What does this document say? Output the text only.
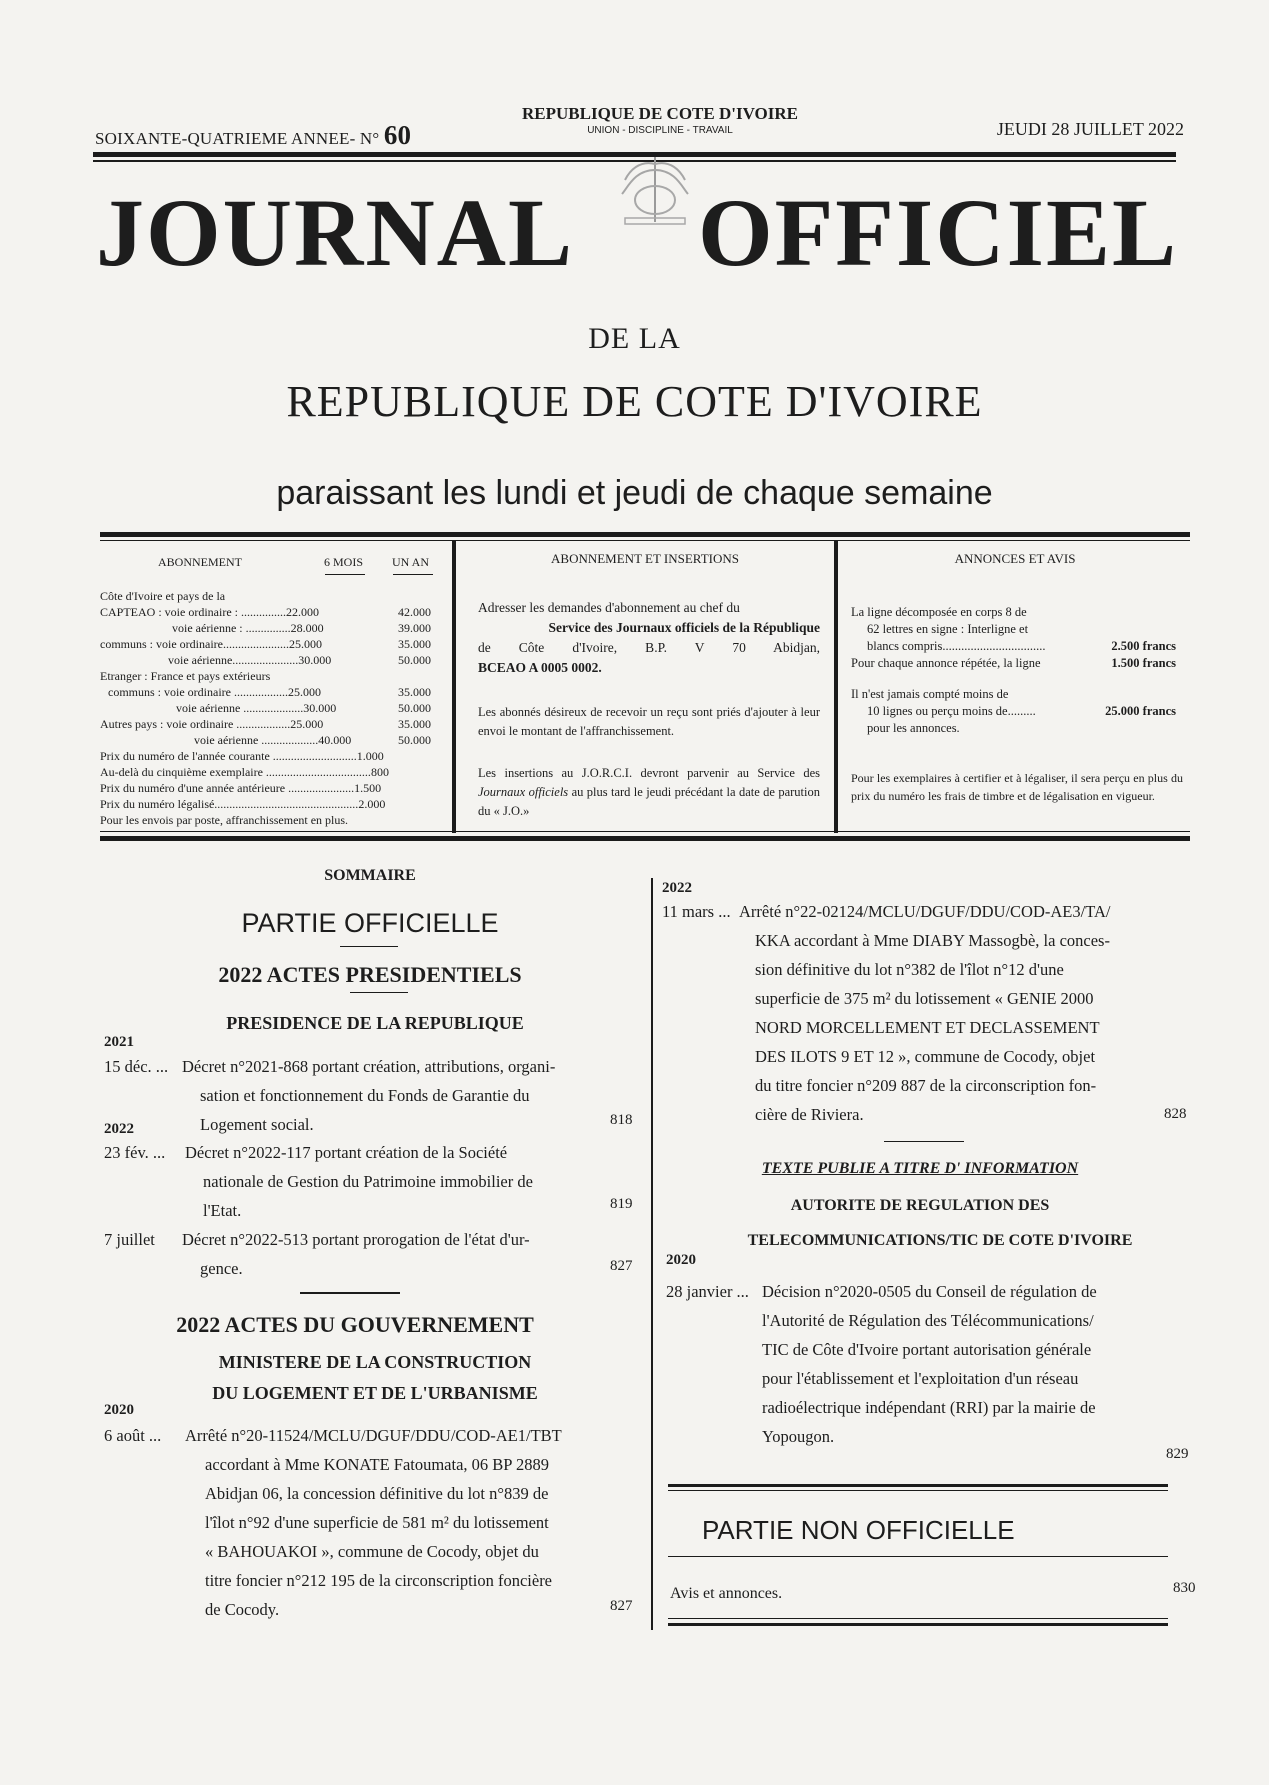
SOIXANTE-QUATRIEME ANNEE- N° 60
REPUBLIQUE DE COTE D'IVOIRE
UNION - DISCIPLINE - TRAVAIL	JEUDI 28 JUILLET 2022
JOURNAL OFFICIEL
DE LA
REPUBLIQUE DE COTE D'IVOIRE
paraissant les lundi et jeudi de chaque semaine
ABONNEMENT	6 MOIS UN AN
Côte d'Ivoire et pays de la
CAPTEAO : voie ordinaire : ...............22.000	42.000
voie aérienne : ...............28.000	39.000
communs : voie ordinaire......................25.000	35.000
voie aérienne......................30.000	50.000
Etranger : France et pays extérieurs
communs : voie ordinaire ..................25.000	35.000
voie aérienne ....................30.000	50.000
Autres pays : voie ordinaire ..................25.000	35.000
voie aérienne ...................40.000	50.000
Prix du numéro de l'année courante ............................1.000
Au-delà du cinquième exemplaire ...................................800
Prix du numéro d'une année antérieure ......................1.500
Prix du numéro légalisé................................................2.000
Pour les envois par poste, affranchissement en plus.
ABONNEMENT ET INSERTIONS
Adresser les demandes d'abonnement au chef du
Service des Journaux officiels de la République
de Côte d'Ivoire, B.P. V 70 Abidjan,
BCEAO A 0005 0002.
Les abonnés désireux de recevoir un reçu sont priés d'ajouter à leur envoi le montant de l'affranchissement.
Les insertions au J.O.R.C.I. devront parvenir au Service des Journaux officiels au plus tard le jeudi précédant la date de parution du « J.O.»
ANNONCES ET AVIS
La ligne décomposée en corps 8 de
62 lettres en signe : Interligne et
blancs compris.................................	2.500 francs
Pour chaque annonce répétée, la ligne	1.500 francs
Il n'est jamais compté moins de
10 lignes ou perçu moins de.........	25.000 francs
pour les annonces.
Pour les exemplaires à certifier et à légaliser, il sera perçu en plus du prix du numéro les frais de timbre et de légalisation en vigueur.
SOMMAIRE
PARTIE OFFICIELLE
2022 ACTES PRESIDENTIELS
PRESIDENCE DE LA REPUBLIQUE
2021
15 déc. ... Décret n°2021-868 portant création, attributions, organi-
sation et fonctionnement du Fonds de Garantie du
Logement social.	818
2022
23 fév. ... Décret n°2022-117 portant création de la Société
nationale de Gestion du Patrimoine immobilier de
l'Etat.	819
7 juillet Décret n°2022-513 portant prorogation de l'état d'ur-
gence.	827
2022 ACTES DU GOUVERNEMENT
MINISTERE DE LA CONSTRUCTION
DU LOGEMENT ET DE L'URBANISME
2020
6 août ... Arrêté n°20-11524/MCLU/DGUF/DDU/COD-AE1/TBT
accordant à Mme KONATE Fatoumata, 06 BP 2889
Abidjan 06, la concession définitive du lot n°839 de
l'îlot n°92 d'une superficie de 581 m² du lotissement
« BAHOUAKOI », commune de Cocody, objet du
titre foncier n°212 195 de la circonscription foncière
de Cocody.	827
2022
11 mars ... Arrêté n°22-02124/MCLU/DGUF/DDU/COD-AE3/TA/
KKA accordant à Mme DIABY Massogbè, la conces-
sion définitive du lot n°382 de l'îlot n°12 d'une
superficie de 375 m² du lotissement « GENIE 2000
NORD MORCELLEMENT ET DECLASSEMENT
DES ILOTS 9 ET 12 », commune de Cocody, objet
du titre foncier n°209 887 de la circonscription fon-
cière de Riviera.	828
TEXTE PUBLIE A TITRE D' INFORMATION
AUTORITE DE REGULATION DES
TELECOMMUNICATIONS/TIC DE COTE D'IVOIRE
2020
28 janvier ... Décision n°2020-0505 du Conseil de régulation de
l'Autorité de Régulation des Télécommunications/
TIC de Côte d'Ivoire portant autorisation générale
pour l'établissement et l'exploitation d'un réseau
radioélectrique indépendant (RRI) par la mairie de
Yopougon.
829
PARTIE NON OFFICIELLE
Avis et annonces.	830
